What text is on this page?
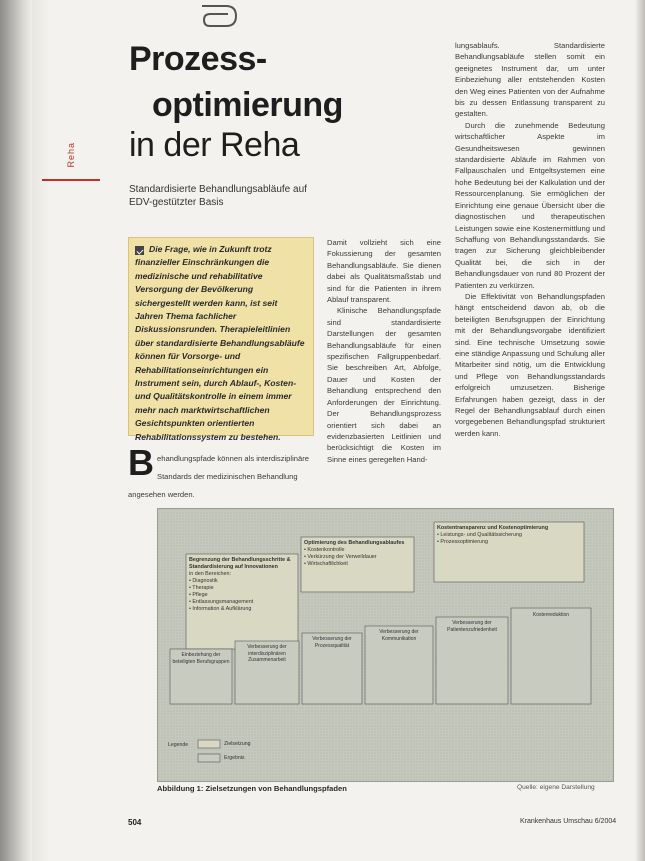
Reha
Prozess-
optimierung
in der Reha
Standardisierte Behandlungsabläufe auf EDV-gestützter Basis

Die Frage, wie in Zukunft trotz finanzieller Einschränkungen die medizinische und rehabilitative Versorgung der Bevölkerung sichergestellt werden kann, ist seit Jahren Thema fachlicher Diskussionsrunden. Therapieleitlinien über standardisierte Behandlungsabläufe können für Vorsorge- und Rehabilitationseinrichtungen ein Instrument sein, durch Ablauf-, Kosten- und Qualitätskontrolle in einem immer mehr nach marktwirtschaftlichen Gesichtspunkten orientierten Rehabilitationssystem zu bestehen.

Damit vollzieht sich eine Fokussierung der gesamten Behandlungsabläufe. Sie dienen dabei als Qualitätsmaßstab und sind für die Patienten in ihrem Ablauf transparent.

Klinische Behandlungspfade sind standardisierte Darstellungen der gesamten Behandlungsabläufe für einen spezifischen Fallgruppenbedarf. Sie beschreiben Art, Abfolge, Dauer und Kosten der Behandlung entsprechend den Anforderungen der Einrichtung. Der Behandlungsprozess orientiert sich dabei an evidenzbasierten Leitlinien und berücksichtigt die Kosten im Sinne eines geregelten Hand-

lungsablaufs. Standardisierte Behandlungsabläufe stellen somit ein geeignetes Instrument dar, um unter Einbeziehung aller entstehenden Kosten den Weg eines Patienten von der Aufnahme bis zu dessen Entlassung transparent zu gestalten.

Durch die zunehmende Bedeutung wirtschaftlicher Aspekte im Gesundheitswesen gewinnen standardisierte Abläufe im Rahmen von Fallpauschalen und Entgeltsystemen eine hohe Bedeutung bei der Kalkulation und der Ressourcenplanung. Sie ermöglichen der Einrichtung eine genaue Übersicht über die diagnostischen und therapeutischen Leistungen sowie eine Kostenermittlung und Schaffung von Behandlungsstandards. Sie tragen zur Sicherung gleichbleibender Qualität bei, die sich in der Behandlungsdauer von rund 80 Prozent der Patienten zu verkürzen.

Die Effektivität von Behandlungspfaden hängt entscheidend davon ab, ob die beteiligten Berufsgruppen der Einrichtung mit der Behandlungsvorgabe identifiziert sind. Eine technische Umsetzung sowie eine ständige Anpassung und Schulung aller Mitarbeiter sind nötig, um die Entwicklung und Pflege von Behandlungsstandards erfolgreich umzusetzen. Bisherige Erfahrungen haben gezeigt, dass in der Regel der Behandlungsablauf durch einen vorgegebenen Behandlungspfad strukturiert werden kann.

B ehandlungspfade können als interdisziplinäre Standards der medizinischen Behandlung angesehen werden.
Begrenzung der Behandlungsschritte & Standardisierung auf Innovationen
in den Bereichen:
• Diagnostik
• Therapie
• Pflege
• Entlassungsmanagement
• Information & Aufklärung
Optimierung des Behandlungsablaufes
• Kostenkontrolle
• Verkürzung der Verweildauer
• Wirtschaftlichkeit
Kostentransparenz und Kostenoptimierung
• Leistungs- und Qualitätssicherung
• Prozessoptimierung
Einbeziehung der beteiligten Berufsgruppen
Verbesserung der interdisziplinären Zusammenarbeit
Verbesserung der Prozessqualität
Verbesserung der Kommunikation
Verbesserung der Patientenzufriedenheit
Kostenreduktion
Legende	Zielsetzung
Ergebnis
Abbildung 1: Zielsetzungen von Behandlungspfaden	Quelle: eigene Darstellung
504	Krankenhaus Umschau 6/2004
